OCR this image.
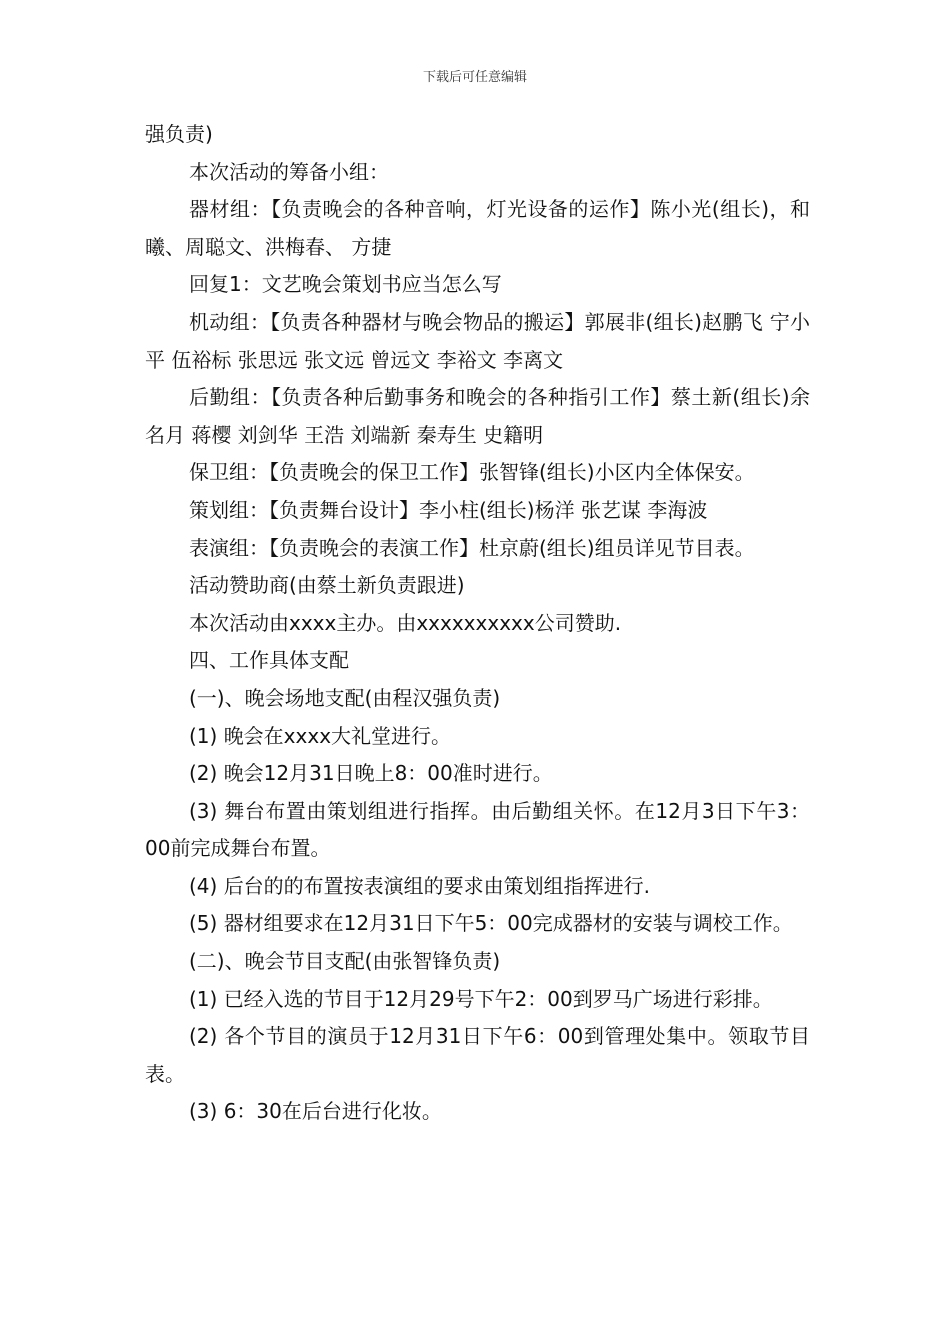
下载后可任意编辑

强负责)

本次活动的筹备小组：

器材组：【负责晚会的各种音响，灯光设备的运作】陈小光(组长)，和曦、周聪文、洪梅春、 方捷

回复1：文艺晚会策划书应当怎么写

机动组：【负责各种器材与晚会物品的搬运】郭展非(组长)赵鹏飞 宁小平 伍裕标 张思远 张文远 曾远文 李裕文 李离文

后勤组：【负责各种后勤事务和晚会的各种指引工作】蔡土新(组长)余名月 蒋樱 刘剑华 王浩 刘端新 秦寿生 史籍明

保卫组：【负责晚会的保卫工作】张智锋(组长)小区内全体保安。

策划组：【负责舞台设计】李小柱(组长)杨洋 张艺谋 李海波

表演组：【负责晚会的表演工作】杜京蔚(组长)组员详见节目表。

活动赞助商(由蔡土新负责跟进)

本次活动由xxxx主办。由xxxxxxxxxx公司赞助.

四、工作具体支配

(一)、晚会场地支配(由程汉强负责)

(1) 晚会在xxxx大礼堂进行。

(2) 晚会12月31日晚上8：00准时进行。

(3) 舞台布置由策划组进行指挥。由后勤组关怀。在12月3日下午3：00前完成舞台布置。

(4) 后台的的布置按表演组的要求由策划组指挥进行.

(5) 器材组要求在12月31日下午5：00完成器材的安装与调校工作。

(二)、晚会节目支配(由张智锋负责)

(1) 已经入选的节目于12月29号下午2：00到罗马广场进行彩排。

(2) 各个节目的演员于12月31日下午6：00到管理处集中。领取节目表。

(3) 6：30在后台进行化妆。
